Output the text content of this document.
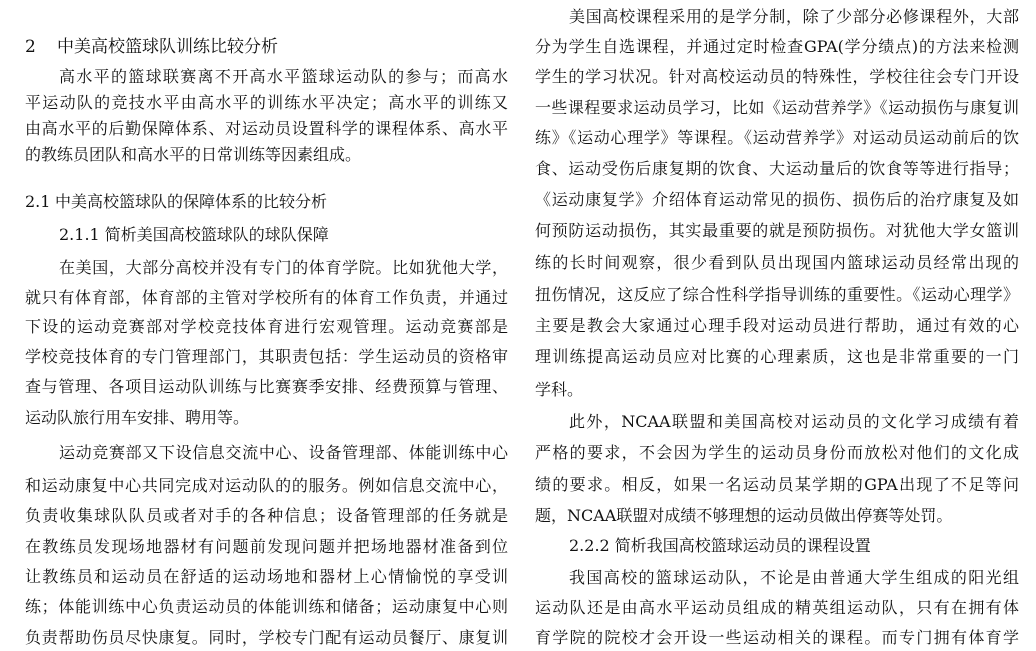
2 中美高校篮球队训练比较分析
高水平的篮球联赛离不开高水平篮球运动队的参与；而高水
平运动队的竞技水平由高水平的训练水平决定；高水平的训练又
由高水平的后勤保障体系、对运动员设置科学的课程体系、高水平
的教练员团队和高水平的日常训练等因素组成。
2.1 中美高校篮球队的保障体系的比较分析
2.1.1 简析美国高校篮球队的球队保障
在美国，大部分高校并没有专门的体育学院。比如犹他大学，
就只有体育部，体育部的主管对学校所有的体育工作负责，并通过
下设的运动竞赛部对学校竞技体育进行宏观管理。运动竞赛部是
学校竞技体育的专门管理部门，其职责包括：学生运动员的资格审
查与管理、各项目运动队训练与比赛赛季安排、经费预算与管理、
运动队旅行用车安排、聘用等。
运动竞赛部又下设信息交流中心、设备管理部、体能训练中心
和运动康复中心共同完成对运动队的的服务。例如信息交流中心，
负责收集球队队员或者对手的各种信息；设备管理部的任务就是
在教练员发现场地器材有问题前发现问题并把场地器材准备到位
让教练员和运动员在舒适的运动场地和器材上心情愉悦的享受训
练；体能训练中心负责运动员的体能训练和储备；运动康复中心则
负责帮助伤员尽快康复。同时，学校专门配有运动员餐厅、康复训
美国高校课程采用的是学分制，除了少部分必修课程外，大部
分为学生自选课程，并通过定时检查GPA(学分绩点)的方法来检测
学生的学习状况。针对高校运动员的特殊性，学校往往会专门开设
一些课程要求运动员学习，比如《运动营养学》《运动损伤与康复训
练》《运动心理学》等课程。《运动营养学》对运动员运动前后的饮
食、运动受伤后康复期的饮食、大运动量后的饮食等等进行指导；
《运动康复学》介绍体育运动常见的损伤、损伤后的治疗康复及如
何预防运动损伤，其实最重要的就是预防损伤。对犹他大学女篮训
练的长时间观察，很少看到队员出现国内篮球运动员经常出现的
扭伤情况，这反应了综合性科学指导训练的重要性。《运动心理学》
主要是教会大家通过心理手段对运动员进行帮助，通过有效的心
理训练提高运动员应对比赛的心理素质，这也是非常重要的一门
学科。
此外，NCAA联盟和美国高校对运动员的文化学习成绩有着
严格的要求，不会因为学生的运动员身份而放松对他们的文化成
绩的要求。相反，如果一名运动员某学期的GPA出现了不足等问
题，NCAA联盟对成绩不够理想的运动员做出停赛等处罚。
2.2.2 简析我国高校篮球运动员的课程设置
我国高校的篮球运动队，不论是由普通大学生组成的阳光组
运动队还是由高水平运动员组成的精英组运动队，只有在拥有体
育学院的院校才会开设一些运动相关的课程。而专门拥有体育学
